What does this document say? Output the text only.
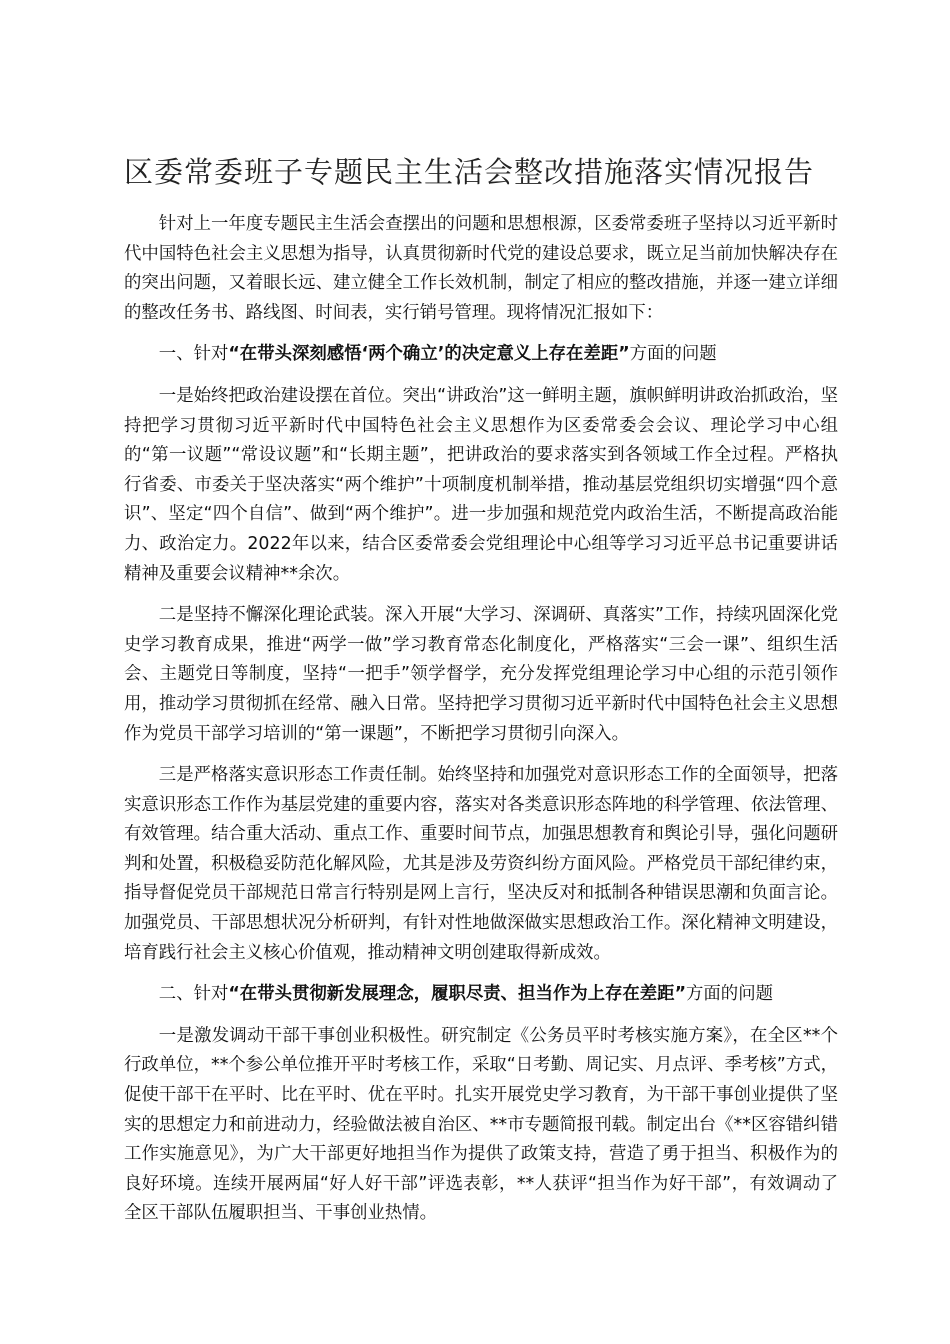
区委常委班子专题民主生活会整改措施落实情况报告

针对上一年度专题民主生活会查摆出的问题和思想根源，区委常委班子坚持以习近平新时代中国特色社会主义思想为指导，认真贯彻新时代党的建设总要求，既立足当前加快解决存在的突出问题，又着眼长远、建立健全工作长效机制，制定了相应的整改措施，并逐一建立详细的整改任务书、路线图、时间表，实行销号管理。现将情况汇报如下：

一、针对“在带头深刻感悟‘两个确立’的决定意义上存在差距”方面的问题

一是始终把政治建设摆在首位。突出“讲政治”这一鲜明主题，旗帜鲜明讲政治抓政治，坚持把学习贯彻习近平新时代中国特色社会主义思想作为区委常委会会议、理论学习中心组的“第一议题”“常设议题”和“长期主题”，把讲政治的要求落实到各领域工作全过程。严格执行省委、市委关于坚决落实“两个维护”十项制度机制举措，推动基层党组织切实增强“四个意识”、坚定“四个自信”、做到“两个维护”。进一步加强和规范党内政治生活，不断提高政治能力、政治定力。2022年以来，结合区委常委会党组理论中心组等学习习近平总书记重要讲话精神及重要会议精神**余次。

二是坚持不懈深化理论武装。深入开展“大学习、深调研、真落实”工作，持续巩固深化党史学习教育成果，推进“两学一做”学习教育常态化制度化，严格落实“三会一课”、组织生活会、主题党日等制度，坚持“一把手”领学督学，充分发挥党组理论学习中心组的示范引领作用，推动学习贯彻抓在经常、融入日常。坚持把学习贯彻习近平新时代中国特色社会主义思想作为党员干部学习培训的“第一课题”，不断把学习贯彻引向深入。

三是严格落实意识形态工作责任制。始终坚持和加强党对意识形态工作的全面领导，把落实意识形态工作作为基层党建的重要内容，落实对各类意识形态阵地的科学管理、依法管理、有效管理。结合重大活动、重点工作、重要时间节点，加强思想教育和舆论引导，强化问题研判和处置，积极稳妥防范化解风险，尤其是涉及劳资纠纷方面风险。严格党员干部纪律约束，指导督促党员干部规范日常言行特别是网上言行，坚决反对和抵制各种错误思潮和负面言论。加强党员、干部思想状况分析研判，有针对性地做深做实思想政治工作。深化精神文明建设，培育践行社会主义核心价值观，推动精神文明创建取得新成效。

二、针对“在带头贯彻新发展理念，履职尽责、担当作为上存在差距”方面的问题

一是激发调动干部干事创业积极性。研究制定《公务员平时考核实施方案》，在全区**个行政单位，**个参公单位推开平时考核工作，采取“日考勤、周记实、月点评、季考核”方式，促使干部干在平时、比在平时、优在平时。扎实开展党史学习教育，为干部干事创业提供了坚实的思想定力和前进动力，经验做法被自治区、**市专题简报刊载。制定出台《**区容错纠错工作实施意见》，为广大干部更好地担当作为提供了政策支持，营造了勇于担当、积极作为的良好环境。连续开展两届“好人好干部”评选表彰，**人获评“担当作为好干部”，有效调动了全区干部队伍履职担当、干事创业热情。
